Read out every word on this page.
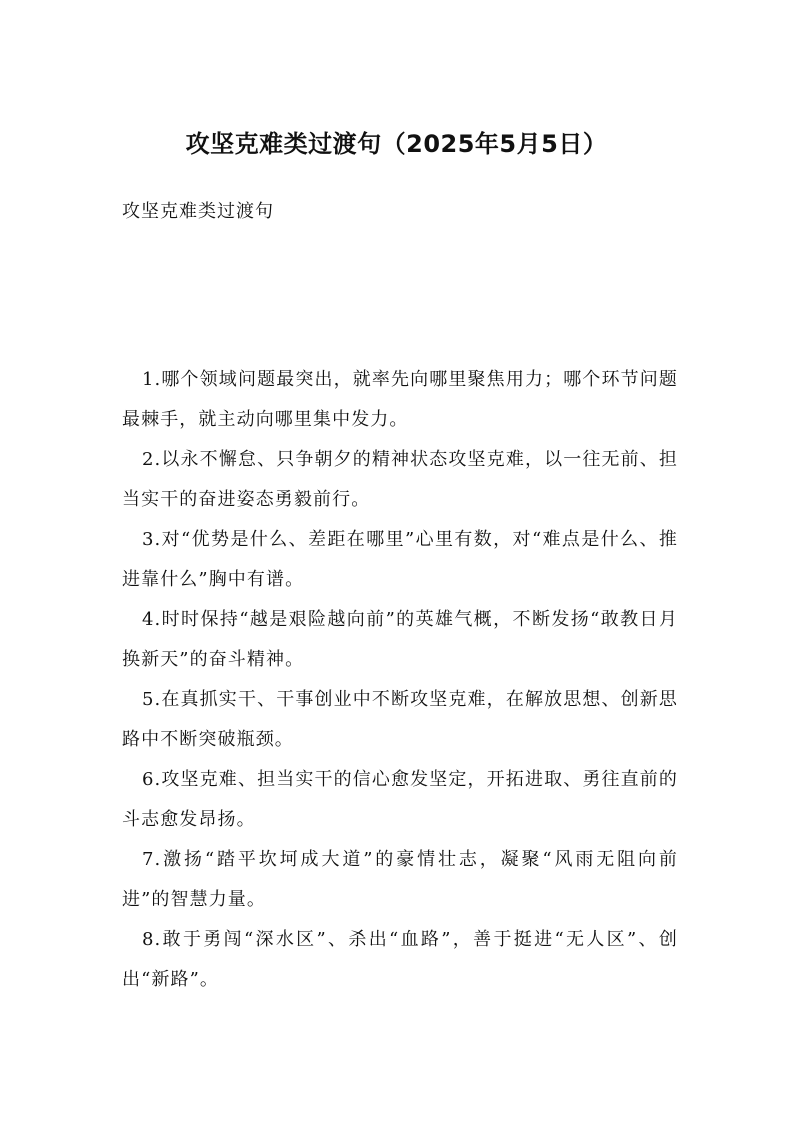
攻坚克难类过渡句（2025年5月5日）

攻坚克难类过渡句

1.哪个领域问题最突出，就率先向哪里聚焦用力；哪个环节问题最棘手，就主动向哪里集中发力。
2.以永不懈怠、只争朝夕的精神状态攻坚克难，以一往无前、担当实干的奋进姿态勇毅前行。
3.对“优势是什么、差距在哪里”心里有数，对“难点是什么、推进靠什么”胸中有谱。
4.时时保持“越是艰险越向前”的英雄气概，不断发扬“敢教日月换新天”的奋斗精神。
5.在真抓实干、干事创业中不断攻坚克难，在解放思想、创新思路中不断突破瓶颈。
6.攻坚克难、担当实干的信心愈发坚定，开拓进取、勇往直前的斗志愈发昂扬。
7.激扬“踏平坎坷成大道”的豪情壮志，凝聚“风雨无阻向前进”的智慧力量。
8.敢于勇闯“深水区”、杀出“血路”，善于挺进“无人区”、创出“新路”。
